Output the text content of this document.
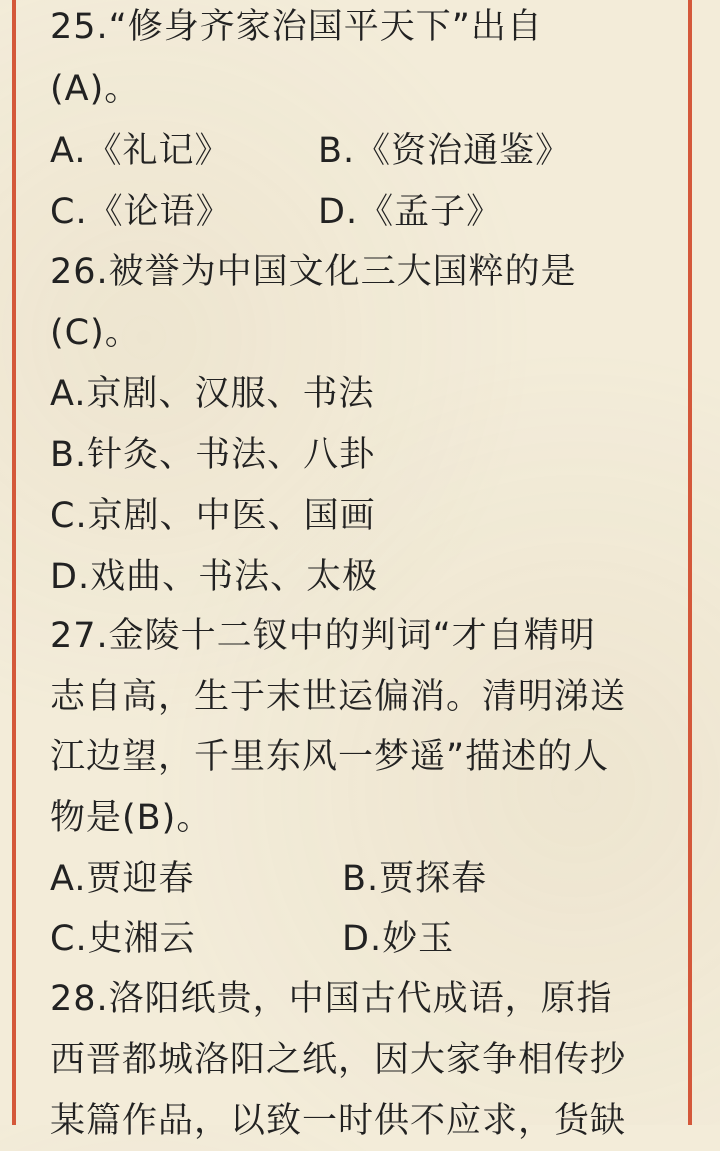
25.“修身齐家治国平天下”出自
(A)。
A.《礼记》	B.《资治通鉴》
C.《论语》 D.《孟子》
26.被誉为中国文化三大国粹的是
(C)。
A.京剧、汉服、书法
B.针灸、书法、八卦
C.京剧、中医、国画
D.戏曲、书法、太极
27.金陵十二钗中的判词“才自精明
志自高，生于末世运偏消。清明涕送
江边望，千里东风一梦遥”描述的人
物是(B)。
A.贾迎春	B.贾探春
C.史湘云	D.妙玉
28.洛阳纸贵，中国古代成语，原指
西晋都城洛阳之纸，因大家争相传抄
某篇作品，以致一时供不应求，货缺
